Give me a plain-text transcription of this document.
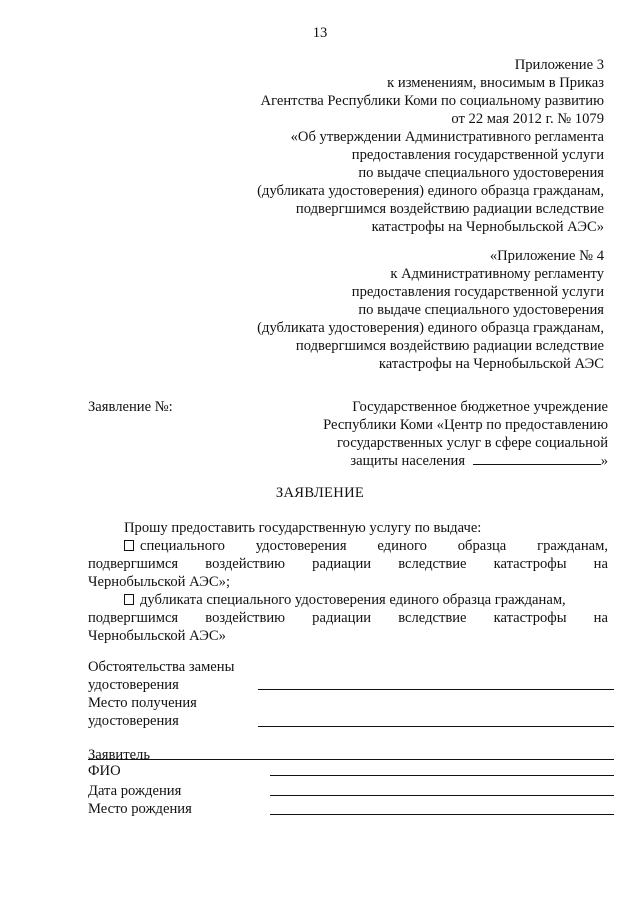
13
Приложение 3
к изменениям, вносимым в Приказ
Агентства Республики Коми по социальному развитию
от 22 мая 2012 г. № 1079
«Об утверждении Административного регламента
предоставления государственной услуги
по выдаче специального удостоверения
(дубликата удостоверения) единого образца гражданам,
подвергшимся воздействию радиации вследствие
катастрофы на Чернобыльской АЭС»
«Приложение № 4
к Административному регламенту
предоставления государственной услуги
по выдаче специального удостоверения
(дубликата удостоверения) единого образца гражданам,
подвергшимся воздействию радиации вследствие
катастрофы на Чернобыльской АЭС
Заявление №:	Государственное бюджетное учреждение
Республики Коми «Центр по предоставлению
государственных услуг в сфере социальной
защиты населения	»
ЗАЯВЛЕНИЕ
Прошу предоставить государственную услугу по выдаче:
специального удостоверения единого образца гражданам,
подвергшимся воздействию радиации вследствие катастрофы на
Чернобыльской АЭС»;
дубликата специального удостоверения единого образца гражданам,
подвергшимся воздействию радиации вследствие катастрофы на
Чернобыльской АЭС»
Обстоятельства замены
удостоверения
Место получения
удостоверения
Заявитель
ФИО
Дата рождения
Место рождения
